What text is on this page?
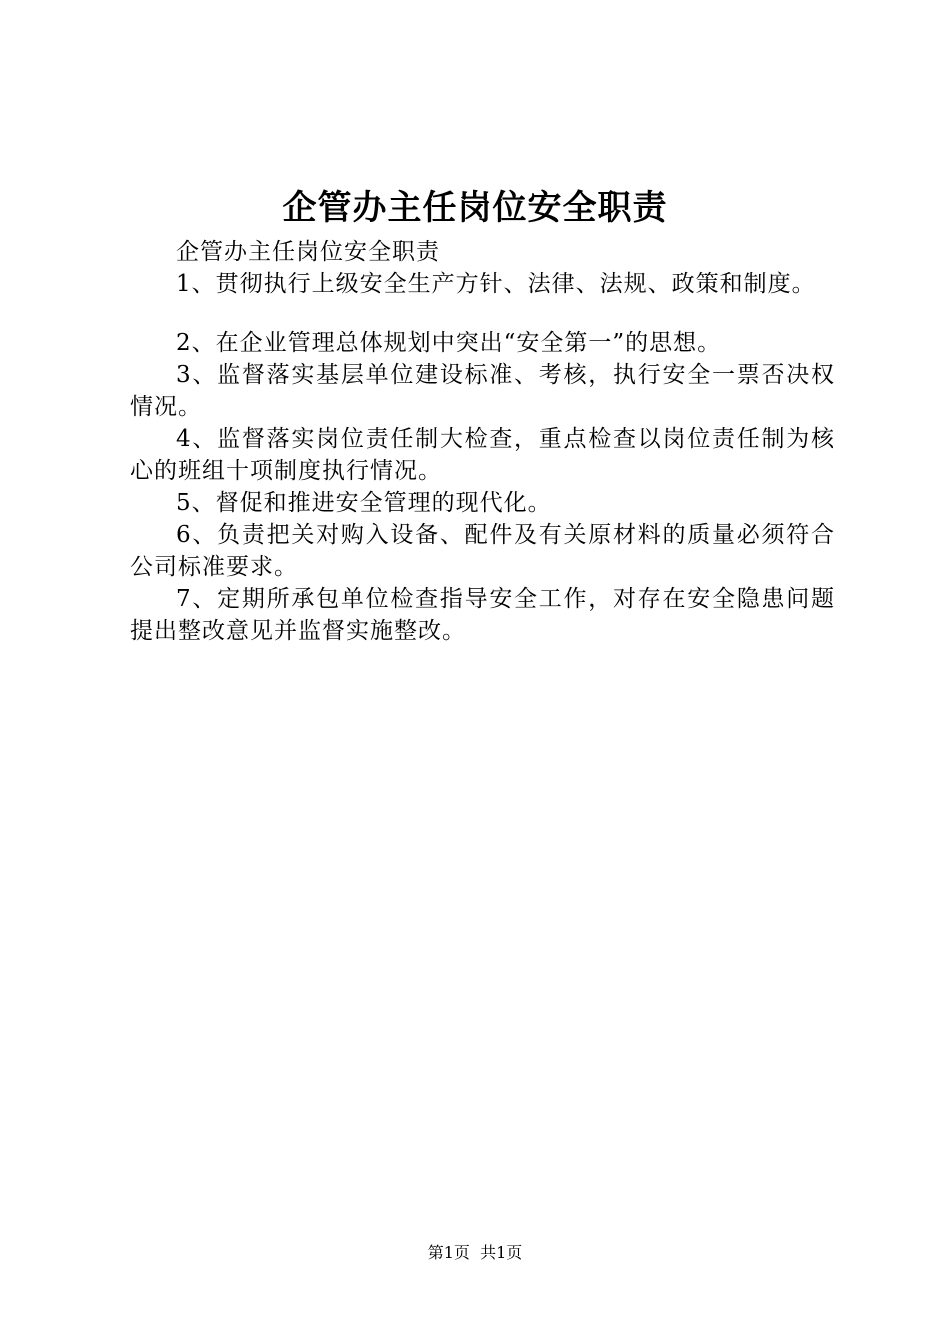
企管办主任岗位安全职责

企管办主任岗位安全职责

1、贯彻执行上级安全生产方针、法律、法规、政策和制度。

2、在企业管理总体规划中突出“安全第一”的思想。

3、监督落实基层单位建设标准、考核，执行安全一票否决权情况。

4、监督落实岗位责任制大检查，重点检查以岗位责任制为核心的班组十项制度执行情况。

5、督促和推进安全管理的现代化。

6、负责把关对购入设备、配件及有关原材料的质量必须符合公司标准要求。

7、定期所承包单位检查指导安全工作，对存在安全隐患问题提出整改意见并监督实施整改。

第1页 共1页
